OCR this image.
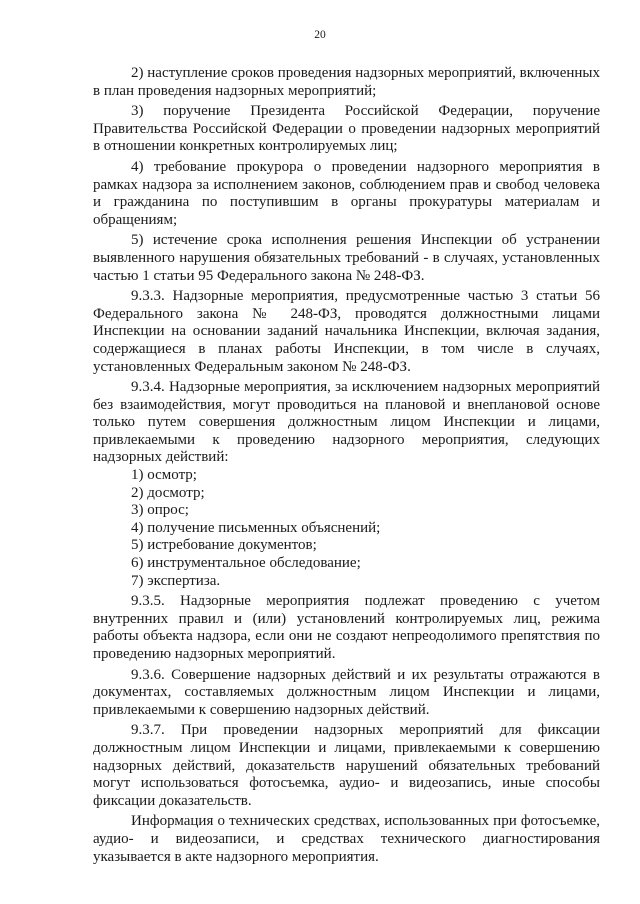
20

2) наступление сроков проведения надзорных мероприятий, включенных в план проведения надзорных мероприятий;

3) поручение Президента Российской Федерации, поручение Правительства Российской Федерации о проведении надзорных мероприятий в отношении конкретных контролируемых лиц;

4) требование прокурора о проведении надзорного мероприятия в рамках надзора за исполнением законов, соблюдением прав и свобод человека и гражданина по поступившим в органы прокуратуры материалам и обращениям;

5) истечение срока исполнения решения Инспекции об устранении выявленного нарушения обязательных требований - в случаях, установленных частью 1 статьи 95 Федерального закона № 248-ФЗ.

9.3.3. Надзорные мероприятия, предусмотренные частью 3 статьи 56 Федерального закона № 248-ФЗ, проводятся должностными лицами Инспекции на основании заданий начальника Инспекции, включая задания, содержащиеся в планах работы Инспекции, в том числе в случаях, установленных Федеральным законом № 248-ФЗ.

9.3.4. Надзорные мероприятия, за исключением надзорных мероприятий без взаимодействия, могут проводиться на плановой и внеплановой основе только путем совершения должностным лицом Инспекции и лицами, привлекаемыми к проведению надзорного мероприятия, следующих надзорных действий:

1) осмотр;

2) досмотр;

3) опрос;

4) получение письменных объяснений;

5) истребование документов;

6) инструментальное обследование;

7) экспертиза.

9.3.5. Надзорные мероприятия подлежат проведению с учетом внутренних правил и (или) установлений контролируемых лиц, режима работы объекта надзора, если они не создают непреодолимого препятствия по проведению надзорных мероприятий.

9.3.6. Совершение надзорных действий и их результаты отражаются в документах, составляемых должностным лицом Инспекции и лицами, привлекаемыми к совершению надзорных действий.

9.3.7. При проведении надзорных мероприятий для фиксации должностным лицом Инспекции и лицами, привлекаемыми к совершению надзорных действий, доказательств нарушений обязательных требований могут использоваться фотосъемка, аудио- и видеозапись, иные способы фиксации доказательств.

Информация о технических средствах, использованных при фотосъемке, аудио- и видеозаписи, и средствах технического диагностирования указывается в акте надзорного мероприятия.
